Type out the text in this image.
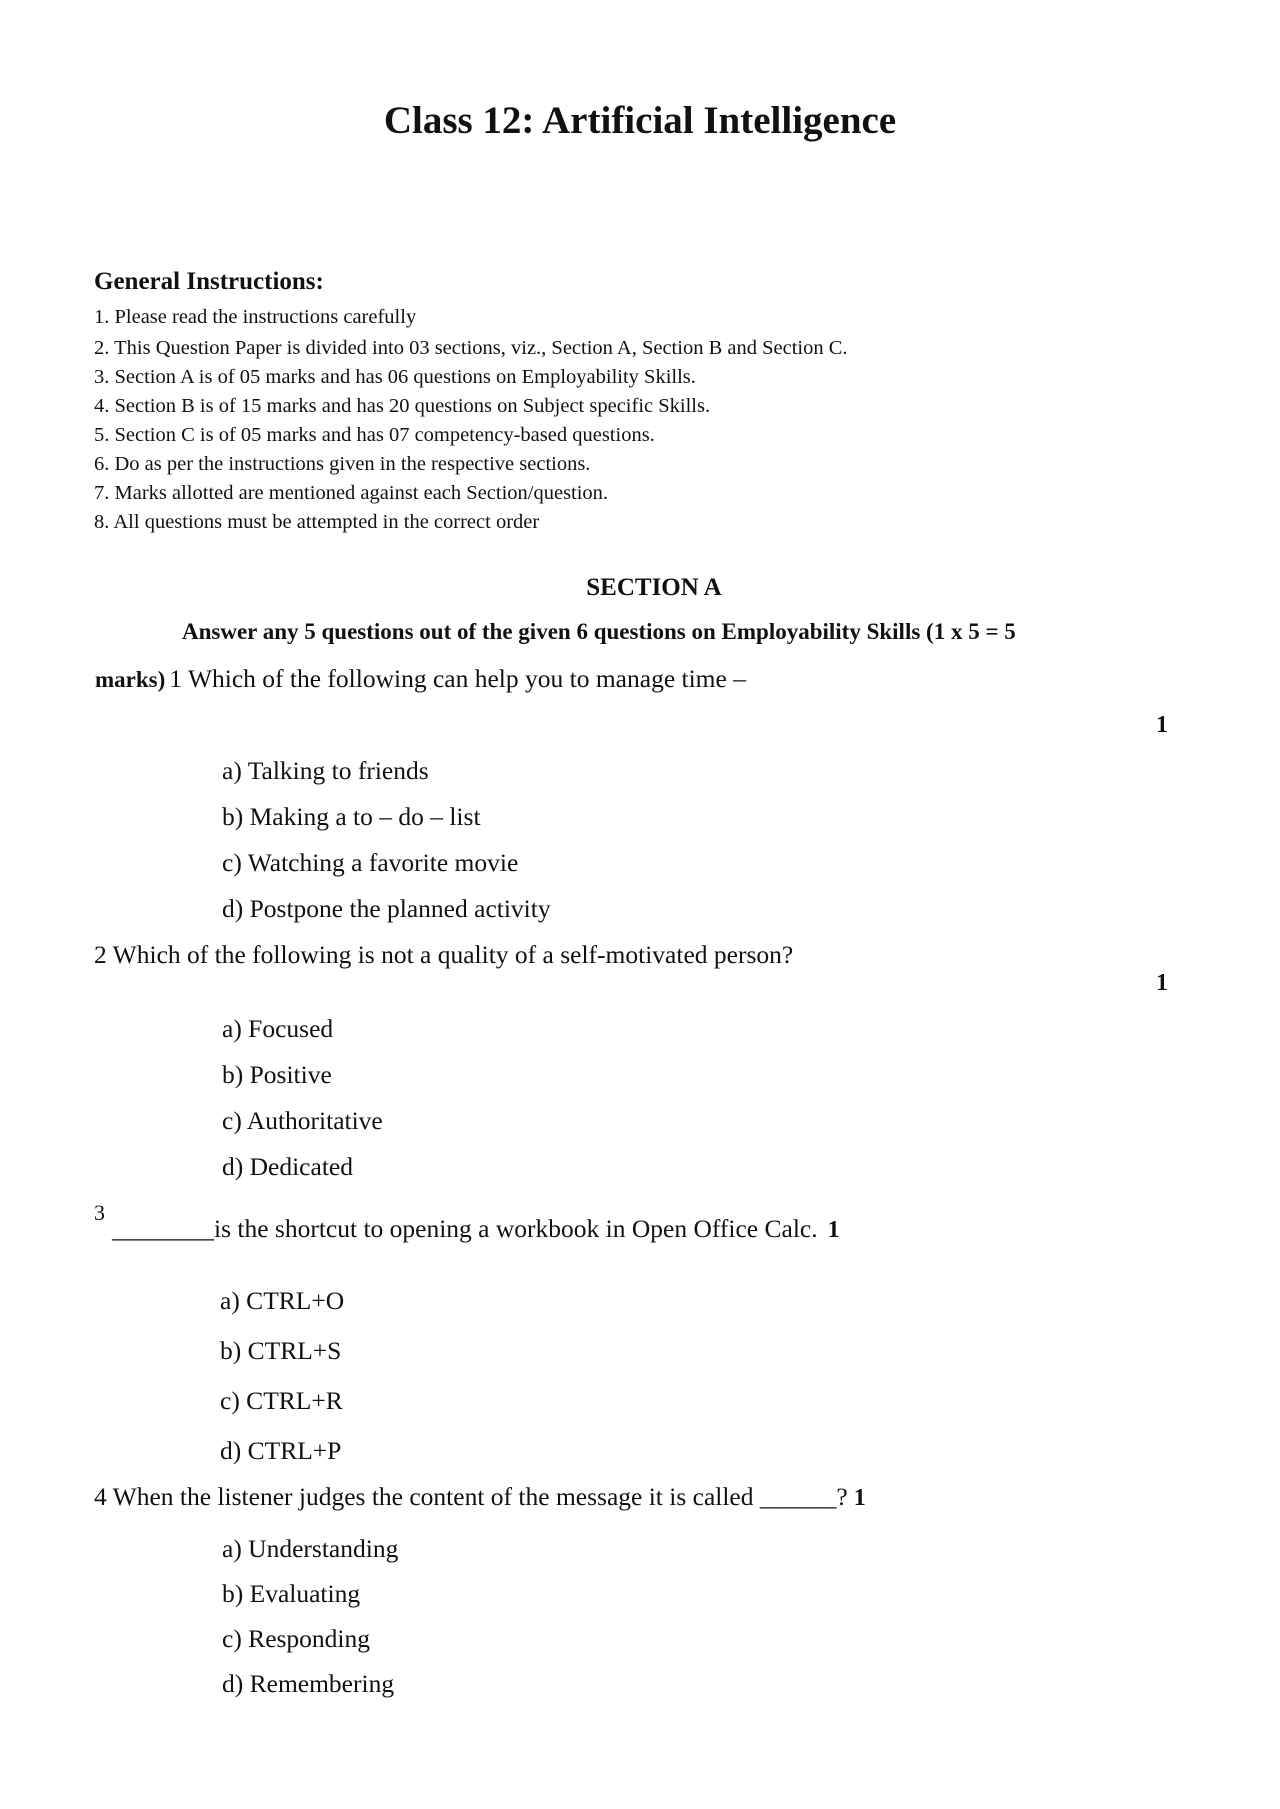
Class 12: Artificial Intelligence
General Instructions:
1. Please read the instructions carefully
2. This Question Paper is divided into 03 sections, viz., Section A, Section B and Section C.
3. Section A is of 05 marks and has 06 questions on Employability Skills.
4. Section B is of 15 marks and has 20 questions on Subject specific Skills.
5. Section C is of 05 marks and has 07 competency-based questions.
6. Do as per the instructions given in the respective sections.
7. Marks allotted are mentioned against each Section/question.
8. All questions must be attempted in the correct order
SECTION A
Answer any 5 questions out of the given 6 questions on Employability Skills (1 x 5 = 5
marks) 1 Which of the following can help you to manage time –
1
a) Talking to friends
b) Making a to – do – list
c) Watching a favorite movie
d) Postpone the planned activity
2 Which of the following is not a quality of a self-motivated person?
1
a) Focused
b) Positive
c) Authoritative
d) Dedicated
3
________is the shortcut to opening a workbook in Open Office Calc. 1
a) CTRL+O
b) CTRL+S
c) CTRL+R
d) CTRL+P
4 When the listener judges the content of the message it is called ______? 1
a) Understanding
b) Evaluating
c) Responding
d) Remembering
